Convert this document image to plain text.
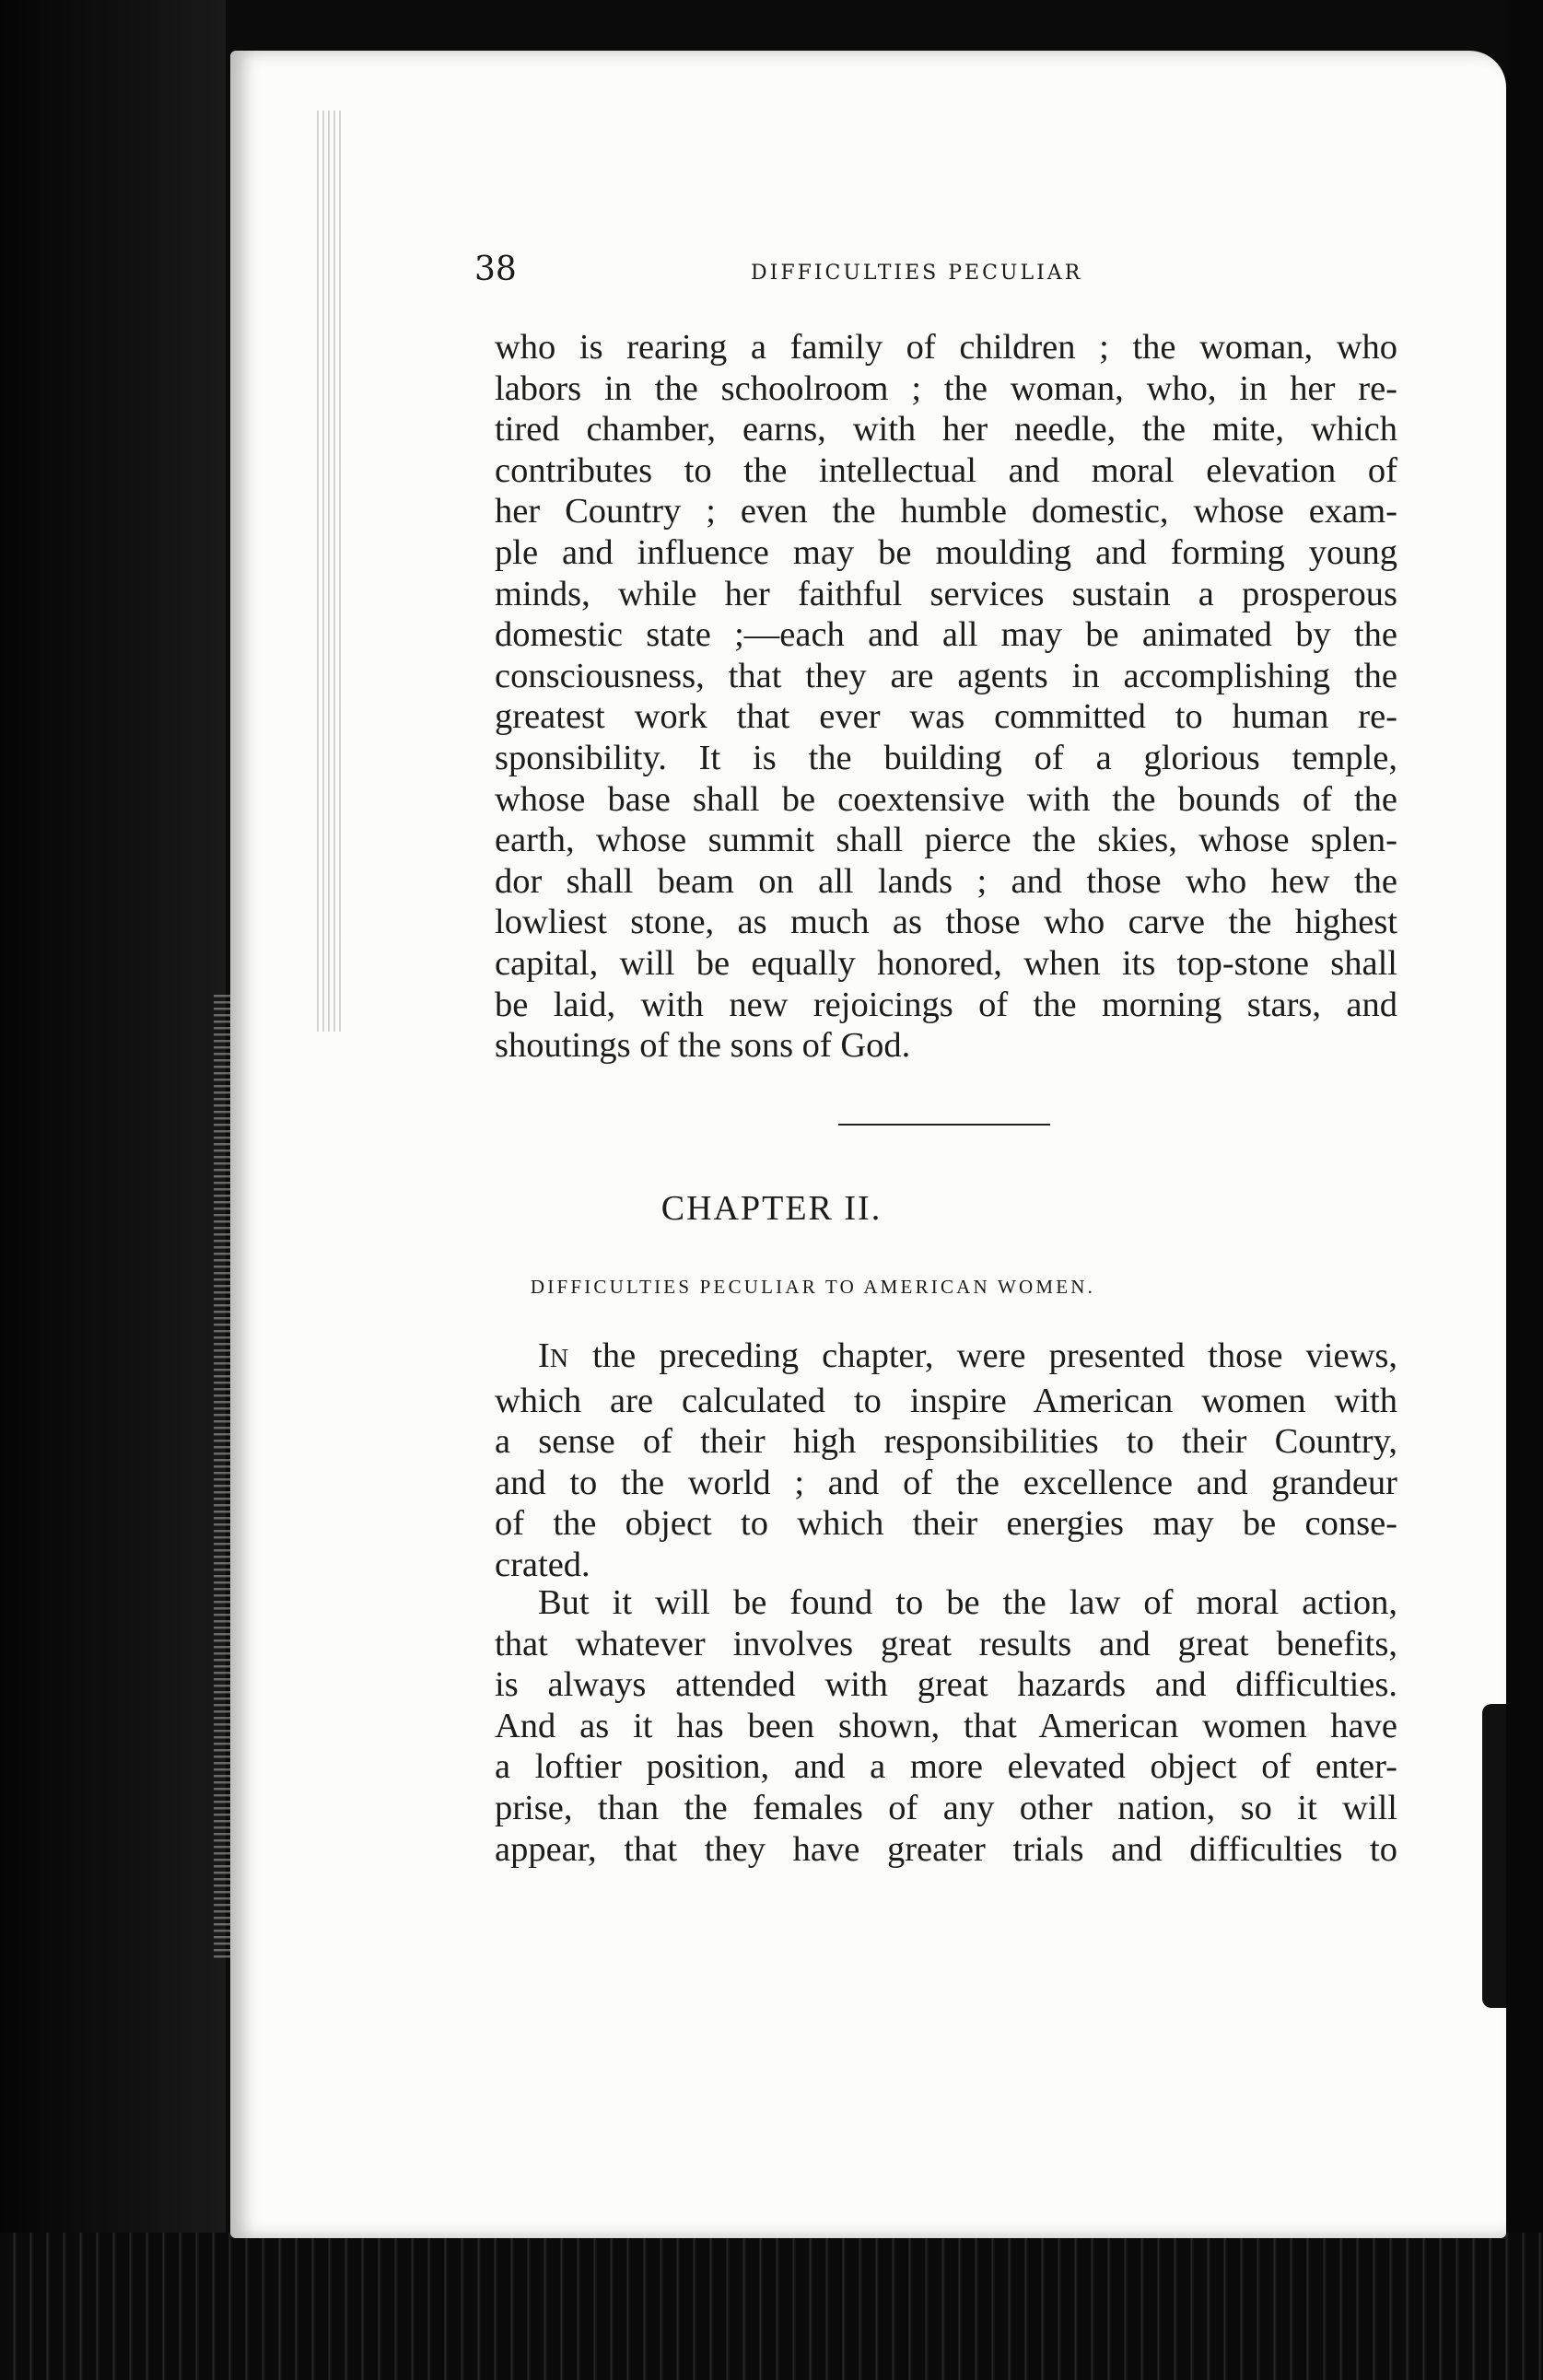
38	DIFFICULTIES PECULIAR
who is rearing a family of children ; the woman, who
labors in the schoolroom ; the woman, who, in her re-
tired chamber, earns, with her needle, the mite, which
contributes to the intellectual and moral elevation of
her Country ; even the humble domestic, whose exam-
ple and influence may be moulding and forming young
minds, while her faithful services sustain a prosperous
domestic state ;—each and all may be animated by the
consciousness, that they are agents in accomplishing the
greatest work that ever was committed to human re-
sponsibility. It is the building of a glorious temple,
whose base shall be coextensive with the bounds of the
earth, whose summit shall pierce the skies, whose splen-
dor shall beam on all lands ; and those who hew the
lowliest stone, as much as those who carve the highest
capital, will be equally honored, when its top-stone shall
be laid, with new rejoicings of the morning stars, and
shoutings of the sons of God.
CHAPTER II.
DIFFICULTIES PECULIAR TO AMERICAN WOMEN.
IN the preceding chapter, were presented those views,
which are calculated to inspire American women with
a sense of their high responsibilities to their Country,
and to the world ; and of the excellence and grandeur
of the object to which their energies may be conse-
crated.
But it will be found to be the law of moral action,
that whatever involves great results and great benefits,
is always attended with great hazards and difficulties.
And as it has been shown, that American women have
a loftier position, and a more elevated object of enter-
prise, than the females of any other nation, so it will
appear, that they have greater trials and difficulties to
